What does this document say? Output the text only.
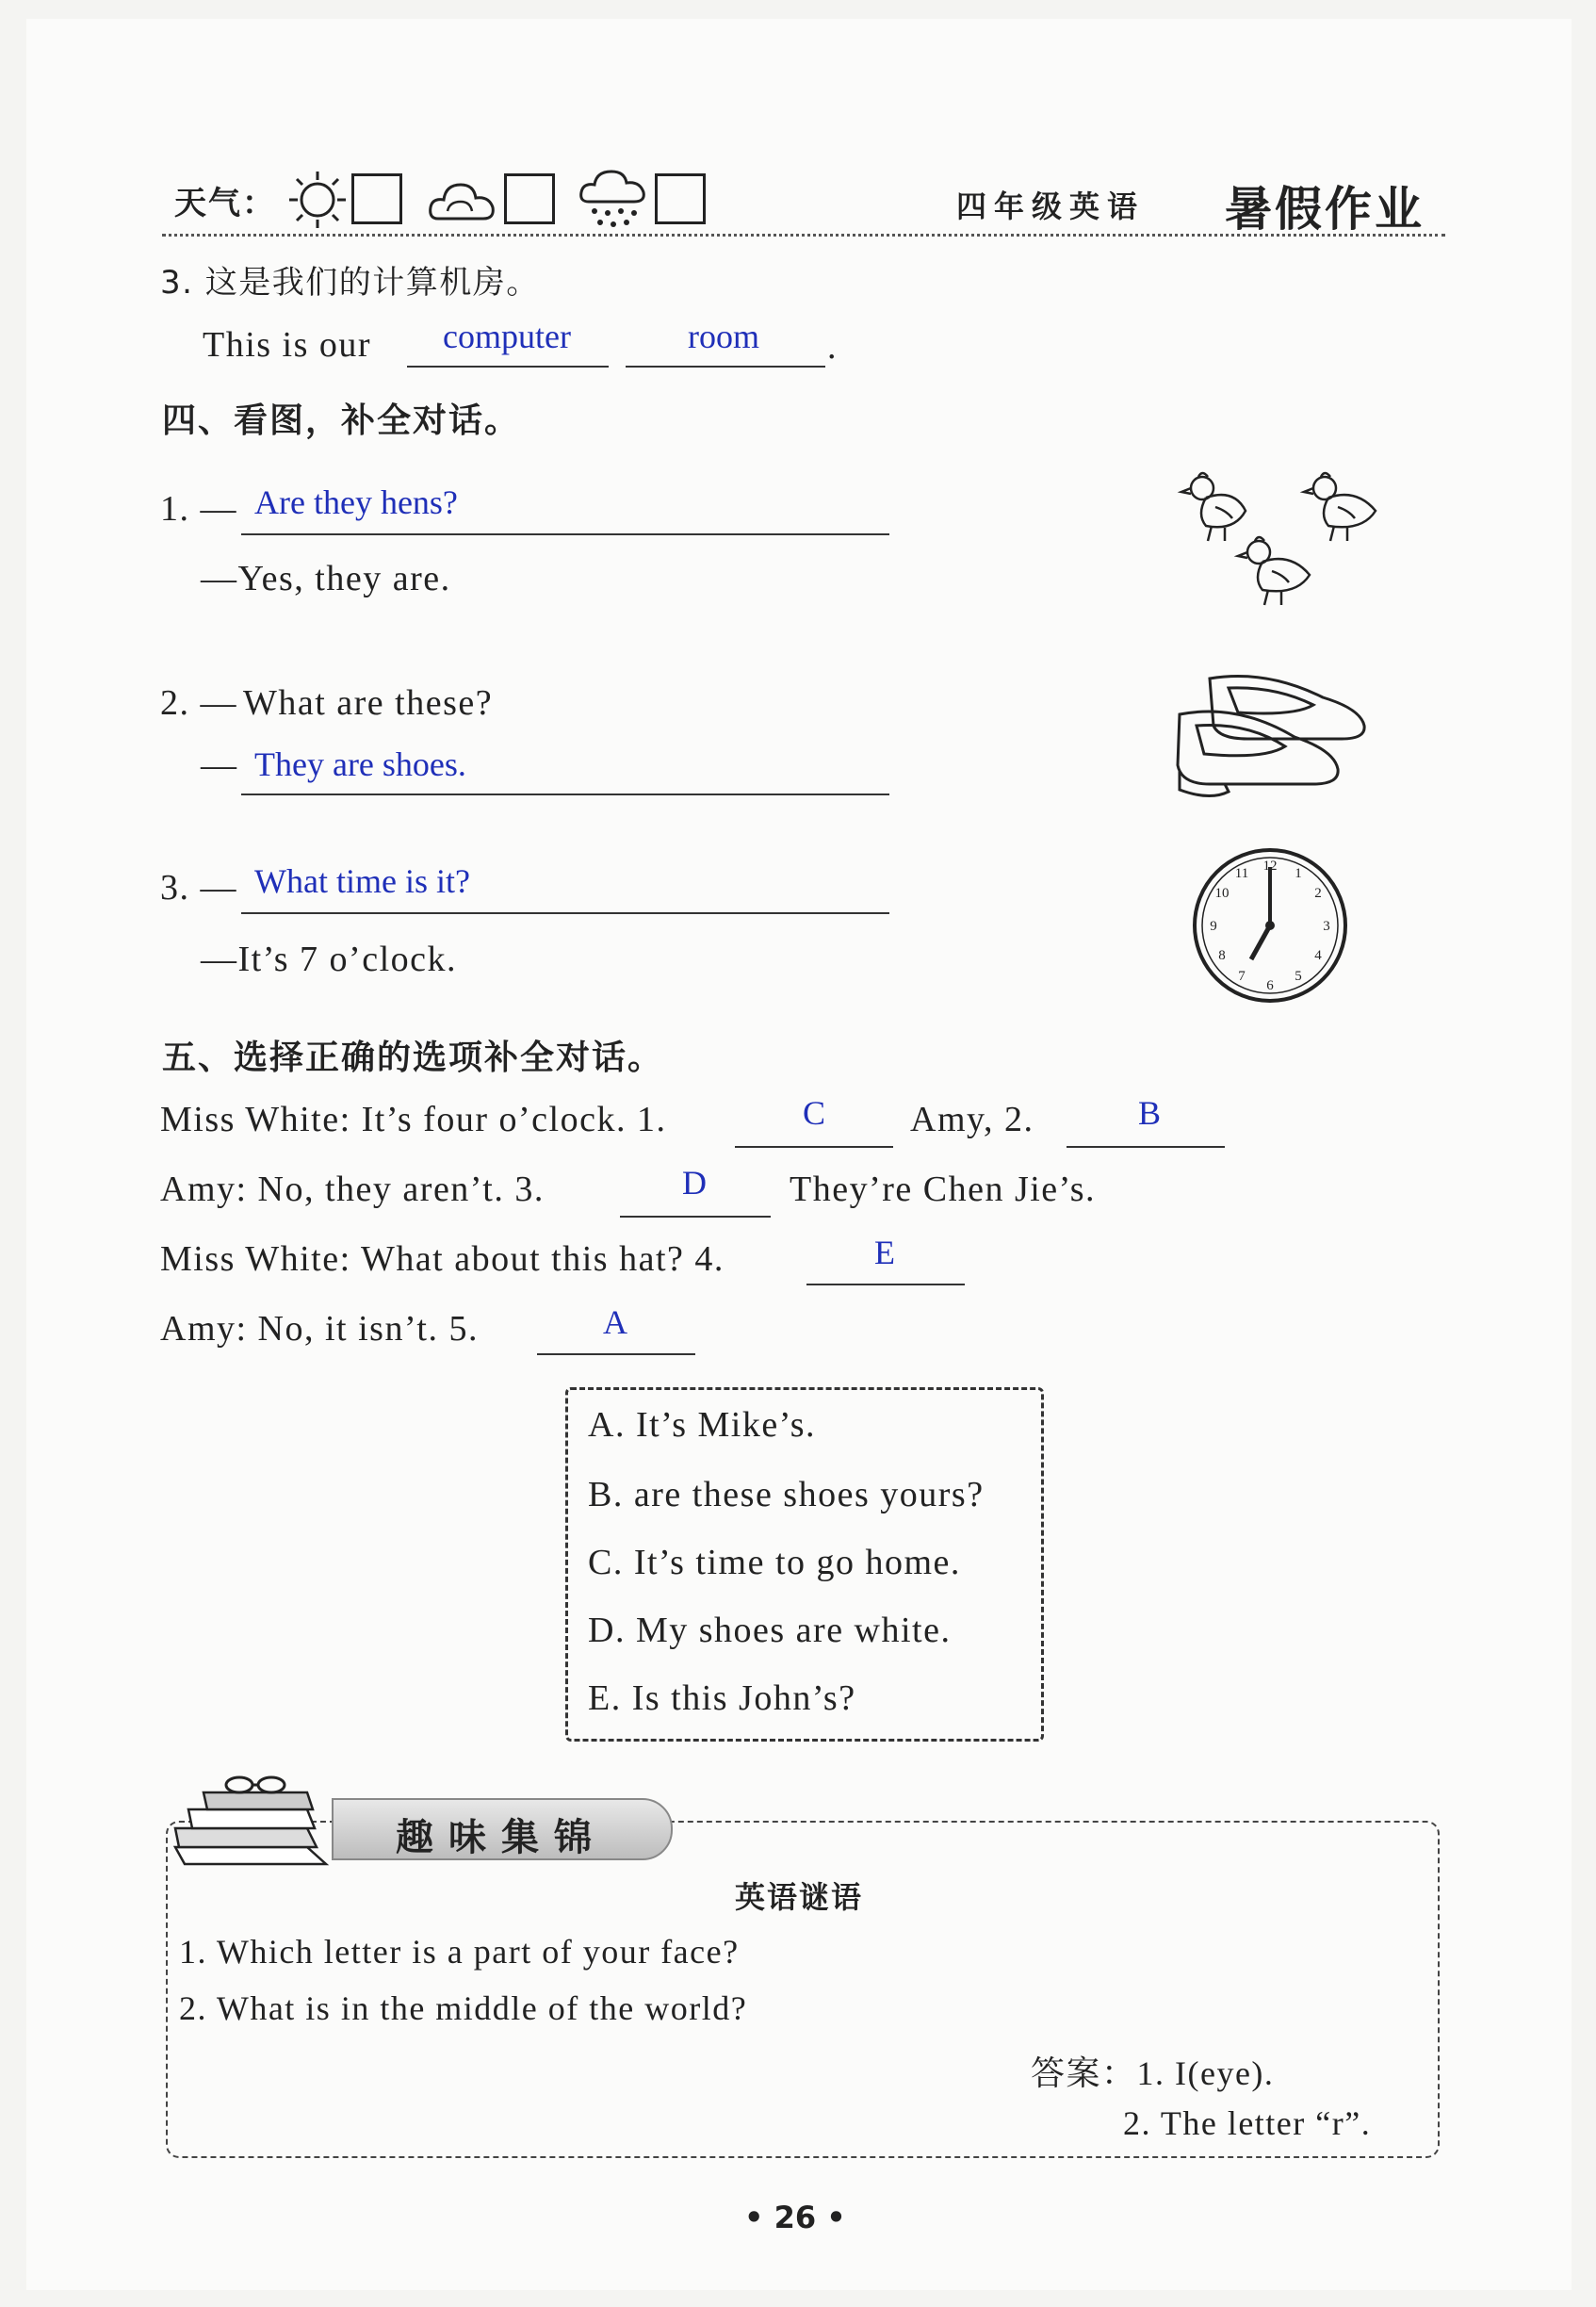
天气：	四年级英语 暑假作业
3. 这是我们的计算机房。
This is our computer	room .
四、看图，补全对话。
1. — Are they hens?
—Yes, they are.
2. — What are these?
— They are shoes.
3. — What time is it?
—It’s 7 o’clock.
12 1
2
3
4
5
6
7
8
9
10
11
五、选择正确的选项补全对话。
Miss White: It’s four o’clock. 1.	C Amy, 2.	B
Amy: No, they aren’t. 3.	D They’re Chen Jie’s.
Miss White: What about this hat? 4.	E
Amy: No, it isn’t. 5.	A
A. It’s Mike’s.
B. are these shoes yours?
C. It’s time to go home.
D. My shoes are white.
E. Is this John’s?
趣味集锦
英语谜语
1. Which letter is a part of your face?
2. What is in the middle of the world?
答案：1. I(eye).
2. The letter “r”.
• 26 •
